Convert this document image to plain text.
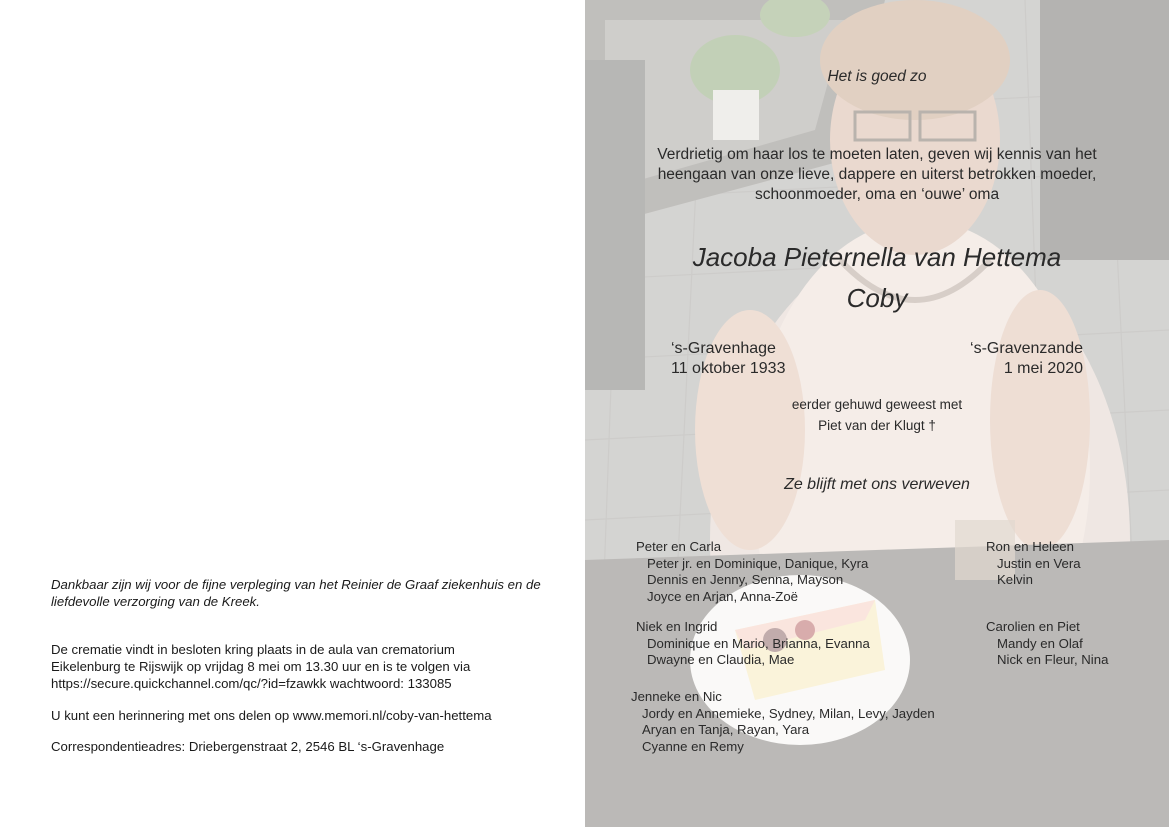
Dankbaar zijn wij voor de fijne verpleging van het Reinier de Graaf ziekenhuis en de liefdevolle verzorging van de Kreek.
De crematie vindt in besloten kring plaats in de aula van crematorium
Eikelenburg te Rijswijk op vrijdag 8 mei om 13.30 uur en is te volgen via
https://secure.quickchannel.com/qc/?id=fzawkk wachtwoord: 133085
U kunt een herinnering met ons delen op www.memori.nl/coby-van-hettema
Correspondentieadres: Driebergenstraat 2, 2546 BL ‘s-Gravenhage
Het is goed zo
Verdrietig om haar los te moeten laten, geven wij kennis van het
heengaan van onze lieve, dappere en uiterst betrokken moeder,
schoonmoeder, oma en ‘ouwe’ oma
Jacoba Pieternella van Hettema
Coby
‘s-Gravenhage
11 oktober 1933
‘s-Gravenzande
1 mei 2020
eerder gehuwd geweest met
Piet van der Klugt †
Ze blijft met ons verweven
Peter en Carla
Peter jr. en Dominique, Danique, Kyra
Dennis en Jenny, Senna, Mayson
Joyce en Arjan, Anna-Zoë
Niek en Ingrid
Dominique en Mario, Brianna, Evanna
Dwayne en Claudia, Mae
Jenneke en Nic
Jordy en Annemieke, Sydney, Milan, Levy, Jayden
Aryan en Tanja, Rayan, Yara
Cyanne en Remy
Ron en Heleen
Justin en Vera
Kelvin
Carolien en Piet
Mandy en Olaf
Nick en Fleur, Nina
